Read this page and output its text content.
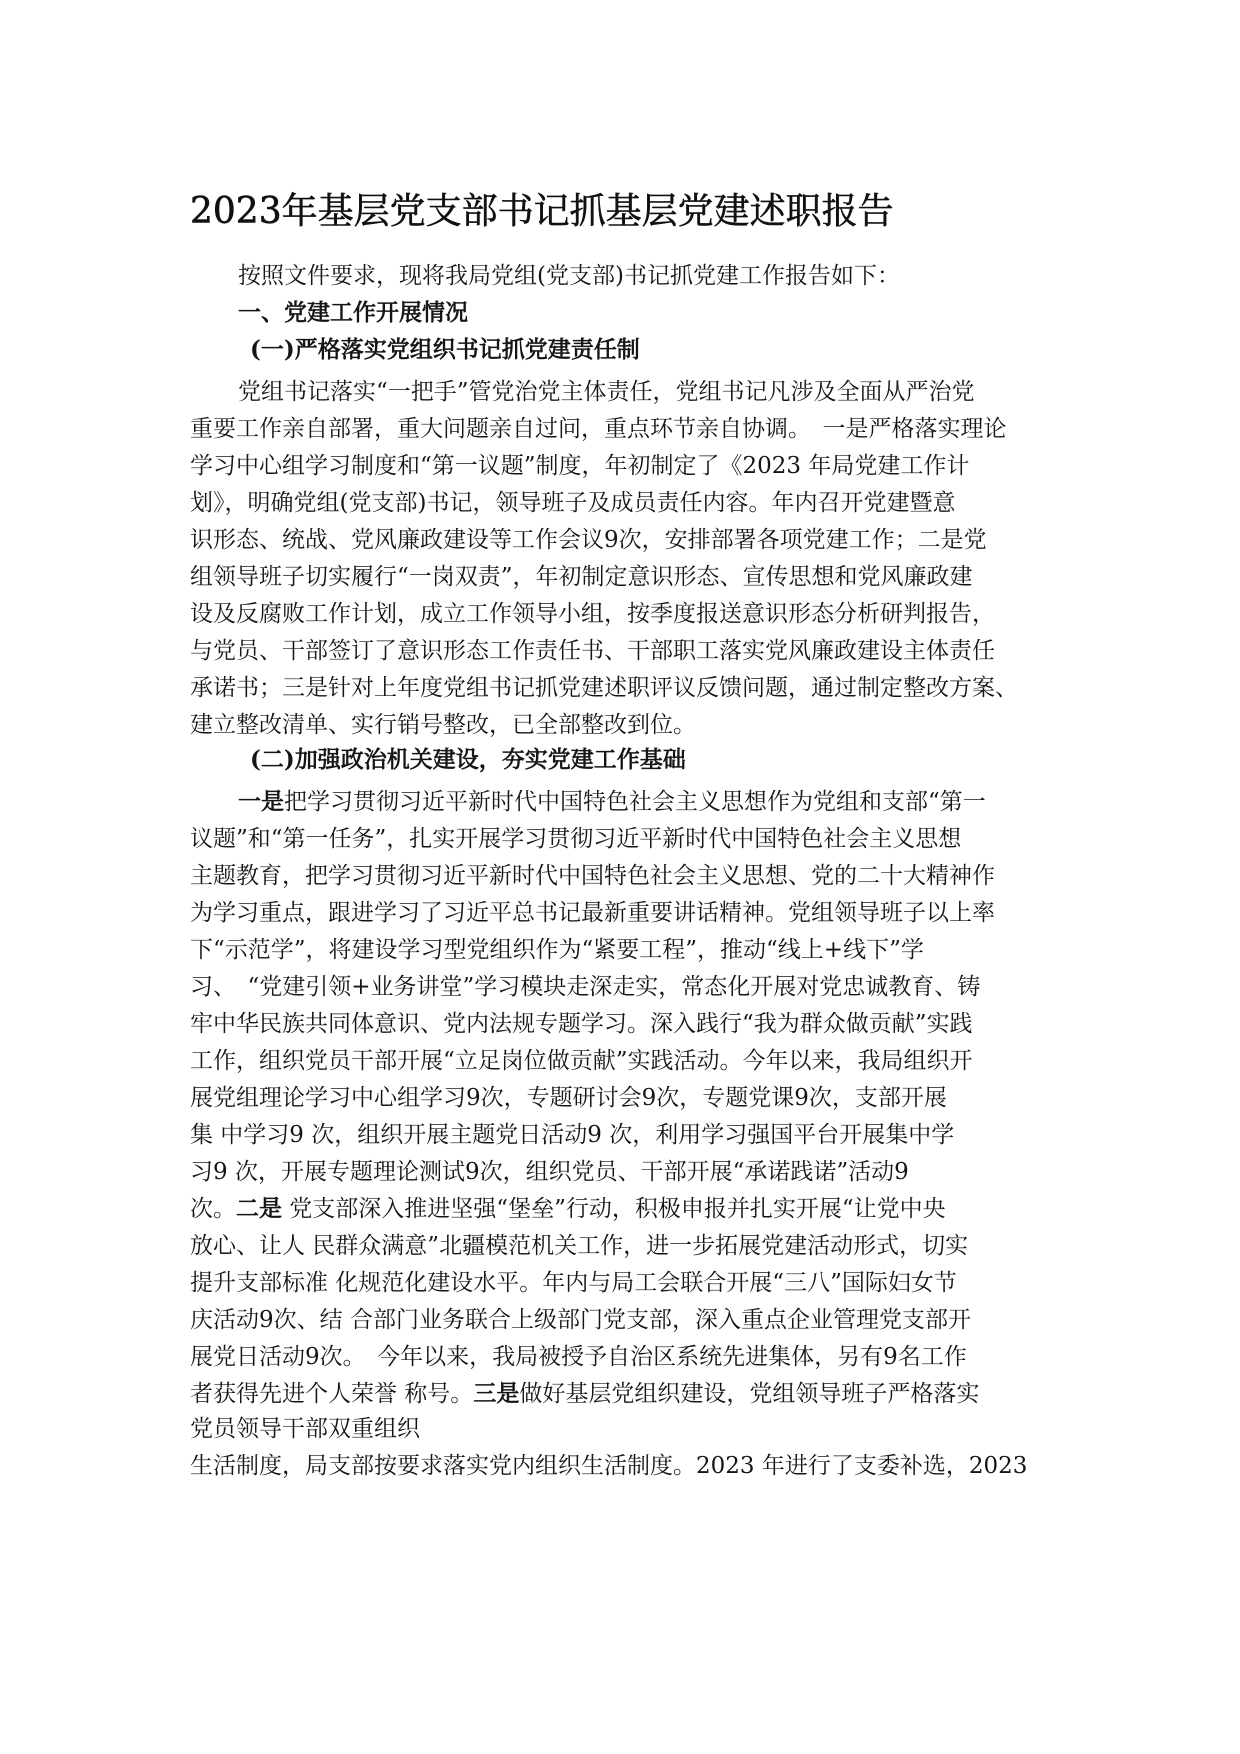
2023年基层党支部书记抓基层党建述职报告
按照文件要求，现将我局党组(党支部)书记抓党建工作报告如下：
一、党建工作开展情况
(一)严格落实党组织书记抓党建责任制
党组书记落实“一把手”管党治党主体责任，党组书记凡涉及全面从严治党
重要工作亲自部署，重大问题亲自过问，重点环节亲自协调。　一是严格落实理论
学习中心组学习制度和“第一议题”制度，年初制定了《2023 年局党建工作计
划》，明确党组(党支部)书记，领导班子及成员责任内容。年内召开党建暨意
识形态、统战、党风廉政建设等工作会议9次，安排部署各项党建工作；二是党
组领导班子切实履行“一岗双责”，年初制定意识形态、宣传思想和党风廉政建
设及反腐败工作计划，成立工作领导小组，按季度报送意识形态分析研判报告，
与党员、干部签订了意识形态工作责任书、干部职工落实党风廉政建设主体责任
承诺书；三是针对上年度党组书记抓党建述职评议反馈问题，通过制定整改方案、
建立整改清单、实行销号整改，已全部整改到位。
(二)加强政治机关建设，夯实党建工作基础
一是把学习贯彻习近平新时代中国特色社会主义思想作为党组和支部“第一
议题”和“第一任务”，扎实开展学习贯彻习近平新时代中国特色社会主义思想
主题教育，把学习贯彻习近平新时代中国特色社会主义思想、党的二十大精神作
为学习重点，跟进学习了习近平总书记最新重要讲话精神。党组领导班子以上率
下“示范学”，将建设学习型党组织作为“紧要工程”，推动“线上+线下”学
习、　“党建引领+业务讲堂”学习模块走深走实，常态化开展对党忠诚教育、铸
牢中华民族共同体意识、党内法规专题学习。深入践行“我为群众做贡献”实践
工作，组织党员干部开展“立足岗位做贡献”实践活动。今年以来，我局组织开
展党组理论学习中心组学习9次，专题研讨会9次，专题党课9次，支部开展
集 中学习9 次，组织开展主题党日活动9 次，利用学习强国平台开展集中学
习9 次，开展专题理论测试9次，组织党员、干部开展“承诺践诺”活动9
次。二是 党支部深入推进坚强“堡垒”行动，积极申报并扎实开展“让党中央
放心、让人 民群众满意”北疆模范机关工作，进一步拓展党建活动形式，切实
提升支部标准 化规范化建设水平。年内与局工会联合开展“三八”国际妇女节
庆活动9次、结 合部门业务联合上级部门党支部，深入重点企业管理党支部开
展党日活动9次。　今年以来，我局被授予自治区系统先进集体，另有9名工作
者获得先进个人荣誉 称号。三是做好基层党组织建设，党组领导班子严格落实
党员领导干部双重组织
生活制度，局支部按要求落实党内组织生活制度。2023 年进行了支委补选，2023
